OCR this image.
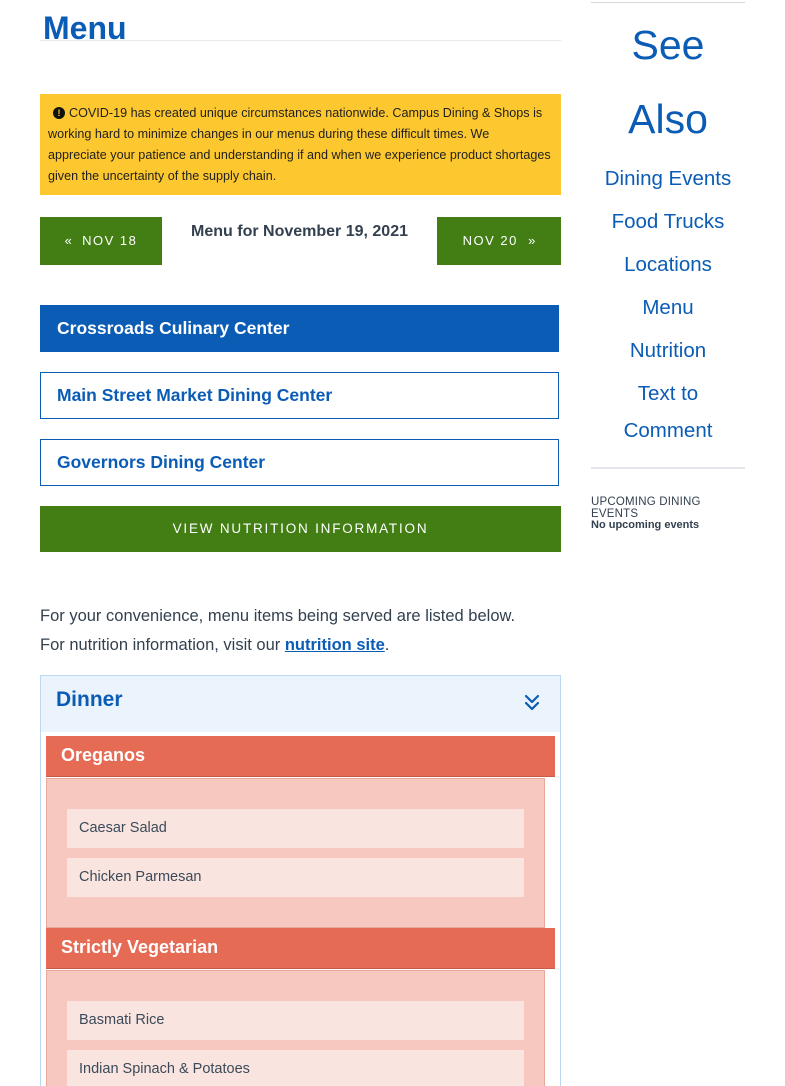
Menu
! COVID-19 has created unique circumstances nationwide. Campus Dining & Shops is working hard to minimize changes in our menus during these difficult times. We appreciate your patience and understanding if and when we experience product shortages given the uncertainty of the supply chain.
« NOV 18
Menu for November 19, 2021
NOV 20 »
Crossroads Culinary Center
Main Street Market Dining Center
Governors Dining Center
VIEW NUTRITION INFORMATION
For your convenience, menu items being served are listed below.
For nutrition information, visit our nutrition site.
Dinner
Oreganos
Caesar Salad
Chicken Parmesan
Strictly Vegetarian
Basmati Rice
Indian Spinach & Potatoes
See
Also
Dining Events
Food Trucks
Locations
Menu
Nutrition
Text to Comment
UPCOMING DINING EVENTS
No upcoming events
